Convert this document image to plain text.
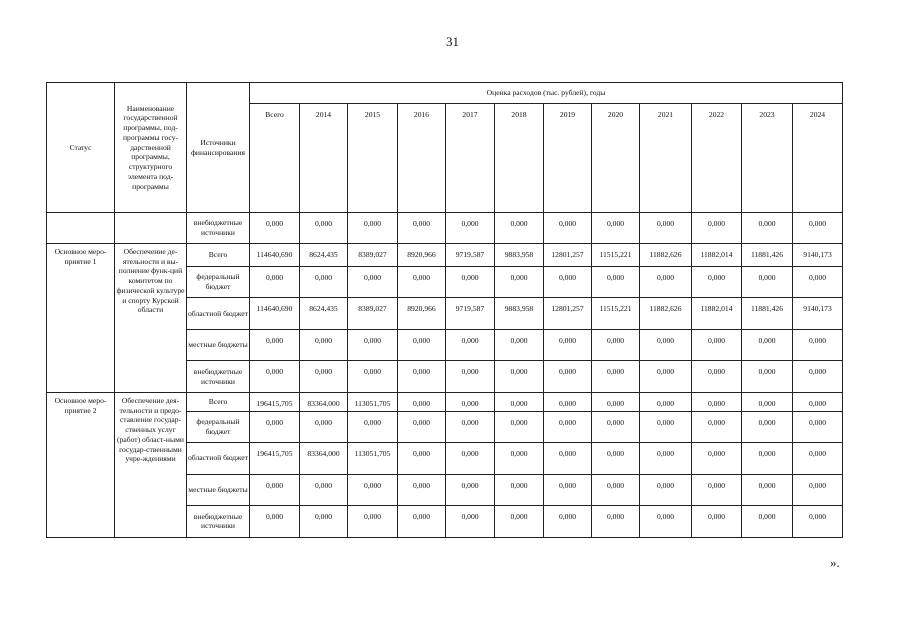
31
Статус	Наименование государственной программы, под-программы госу-дарственной программы, структурного элемента под-программы	Источники финансирования	Оценка расходов (тыс. рублей), годы											
			Всего	2014	2015	2016	2017	2018	2019	2020	2021	2022	2023	2024
		внебюджетные источники	0,000	0,000	0,000	0,000	0,000	0,000	0,000	0,000	0,000	0,000	0,000	0,000
Основное меро-приятие 1	Обеспечение де-ятельности и вы-полнение функ-ций комитетом по физической культуре и спорту Курской области	Всего	114640,690	8624,435	8389,027	8920,966	9719,587	9883,958	12801,257	11515,221	11882,626	11882,014	11881,426	9140,173
		федеральный бюджет	0,000	0,000	0,000	0,000	0,000	0,000	0,000	0,000	0,000	0,000	0,000	0,000
		областной бюджет	114640,690	8624,435	8389,027	8920,966	9719,587	9883,958	12801,257	11515,221	11882,626	11882,014	11881,426	9140,173
		местные бюджеты	0,000	0,000	0,000	0,000	0,000	0,000	0,000	0,000	0,000	0,000	0,000	0,000
		внебюджетные источники	0,000	0,000	0,000	0,000	0,000	0,000	0,000	0,000	0,000	0,000	0,000	0,000
Основное меро-приятие 2	Обеспечение дея-тельности и предо-ставление государ-ственных услуг (работ) област-ными государ-ственными учре-ждениями	Всего	196415,705	83364,000	113051,705	0,000	0,000	0,000	0,000	0,000	0,000	0,000	0,000	0,000
		федеральный бюджет	0,000	0,000	0,000	0,000	0,000	0,000	0,000	0,000	0,000	0,000	0,000	0,000
		областной бюджет	196415,705	83364,000	113051,705	0,000	0,000	0,000	0,000	0,000	0,000	0,000	0,000	0,000
		местные бюджеты	0,000	0,000	0,000	0,000	0,000	0,000	0,000	0,000	0,000	0,000	0,000	0,000
		внебюджетные источники	0,000	0,000	0,000	0,000	0,000	0,000	0,000	0,000	0,000	0,000	0,000	0,000
».
